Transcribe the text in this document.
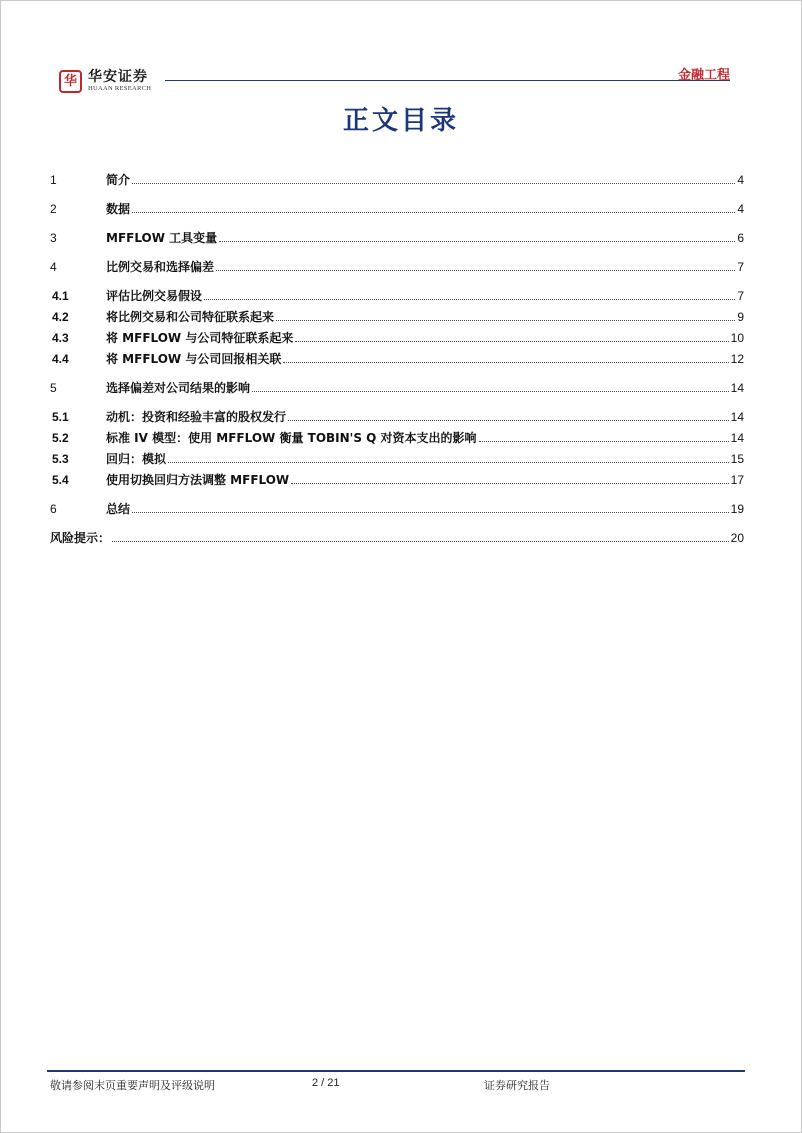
华 华安证券
HUAAN RESEARCH
金融工程
正文目录
1	简介	4
2	数据	4
3	MFFLOW 工具变量	6
4	比例交易和选择偏差	7
4.1	评估比例交易假设	7
4.2	将比例交易和公司特征联系起来	9
4.3	将 MFFLOW 与公司特征联系起来	10
4.4	将 MFFLOW 与公司回报相关联	12
5	选择偏差对公司结果的影响	14
5.1	动机：投资和经验丰富的股权发行	14
5.2	标准 IV 模型：使用 MFFLOW 衡量 TOBIN'S Q 对资本支出的影响	14
5.3	回归：模拟	15
5.4	使用切换回归方法调整 MFFLOW	17
6	总结	19
风险提示：	20
敬请参阅末页重要声明及评级说明	2 / 21	证券研究报告
